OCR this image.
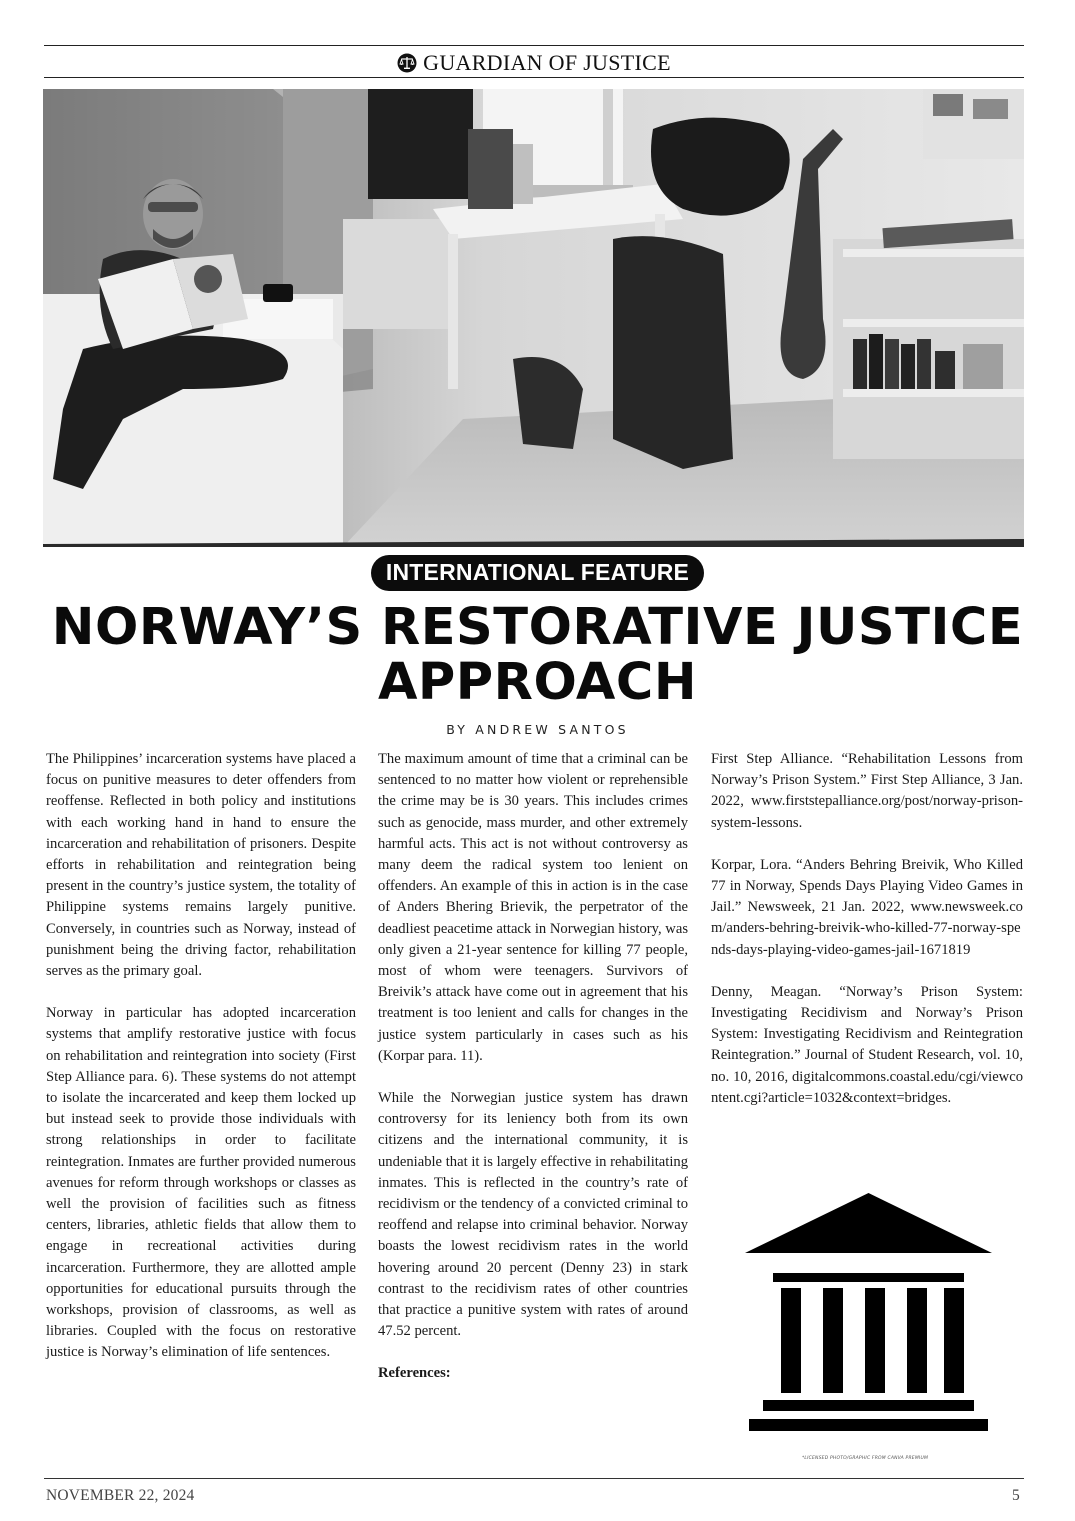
GUARDIAN OF JUSTICE
INTERNATIONAL FEATURE
NORWAY’S RESTORATIVE JUSTICE APPROACH
BY ANDREW SANTOS

The Philippines’ incarceration systems have placed a focus on punitive measures to deter offenders from reoffense. Reflected in both policy and institutions with each working hand in hand to ensure the incarceration and rehabilitation of prisoners. Despite efforts in rehabilitation and reintegration being present in the country’s justice system, the totality of Philippine systems remains largely punitive. Conversely, in countries such as Norway, instead of punishment being the driving factor, rehabilitation serves as the primary goal.

Norway in particular has adopted incarceration systems that amplify restorative justice with focus on rehabilitation and reintegration into society (First Step Alliance para. 6). These systems do not attempt to isolate the incarcerated and keep them locked up but instead seek to provide those individuals with strong relationships in order to facilitate reintegration. Inmates are further provided numerous avenues for reform through workshops or classes as well the provision of facilities such as fitness centers, libraries, athletic fields that allow them to engage in recreational activities during incarceration. Furthermore, they are allotted ample opportunities for educational pursuits through the workshops, provision of classrooms, as well as libraries. Coupled with the focus on restorative justice is Norway’s elimination of life sentences.

The maximum amount of time that a criminal can be sentenced to no matter how violent or reprehensible the crime may be is 30 years. This includes crimes such as genocide, mass murder, and other extremely harmful acts. This act is not without controversy as many deem the radical system too lenient on offenders. An example of this in action is in the case of Anders Bhering Brievik, the perpetrator of the deadliest peacetime attack in Norwegian history, was only given a 21-year sentence for killing 77 people, most of whom were teenagers. Survivors of Breivik’s attack have come out in agreement that his treatment is too lenient and calls for changes in the justice system particularly in cases such as his (Korpar para. 11).

While the Norwegian justice system has drawn controversy for its leniency both from its own citizens and the international community, it is undeniable that it is largely effective in rehabilitating inmates. This is reflected in the country’s rate of recidivism or the tendency of a convicted criminal to reoffend and relapse into criminal behavior. Norway boasts the lowest recidivism rates in the world hovering around 20 percent (Denny 23) in stark contrast to the recidivism rates of other countries that practice a punitive system with rates of around 47.52 percent.

References:

First Step Alliance. “Rehabilitation Lessons from Norway’s Prison System.” First Step Alliance, 3 Jan. 2022, www.firststepalliance.org/post/norway-prison-system-lessons.

Korpar, Lora. “Anders Behring Breivik, Who Killed 77 in Norway, Spends Days Playing Video Games in Jail.” Newsweek, 21 Jan. 2022, www.newsweek.com/anders-behring-breivik-who-killed-77-norway-spends-days-playing-video-games-jail-1671819

Denny, Meagan. “Norway’s Prison System: Investigating Recidivism and Norway’s Prison System: Investigating Recidivism and Reintegration Reintegration.” Journal of Student Research, vol. 10, no. 10, 2016, digitalcommons.coastal.edu/cgi/viewcontent.cgi?article=1032&context=bridges.

*LICENSED PHOTO/GRAPHIC FROM CANVA PREMIUM
NOVEMBER 22, 2024	5
